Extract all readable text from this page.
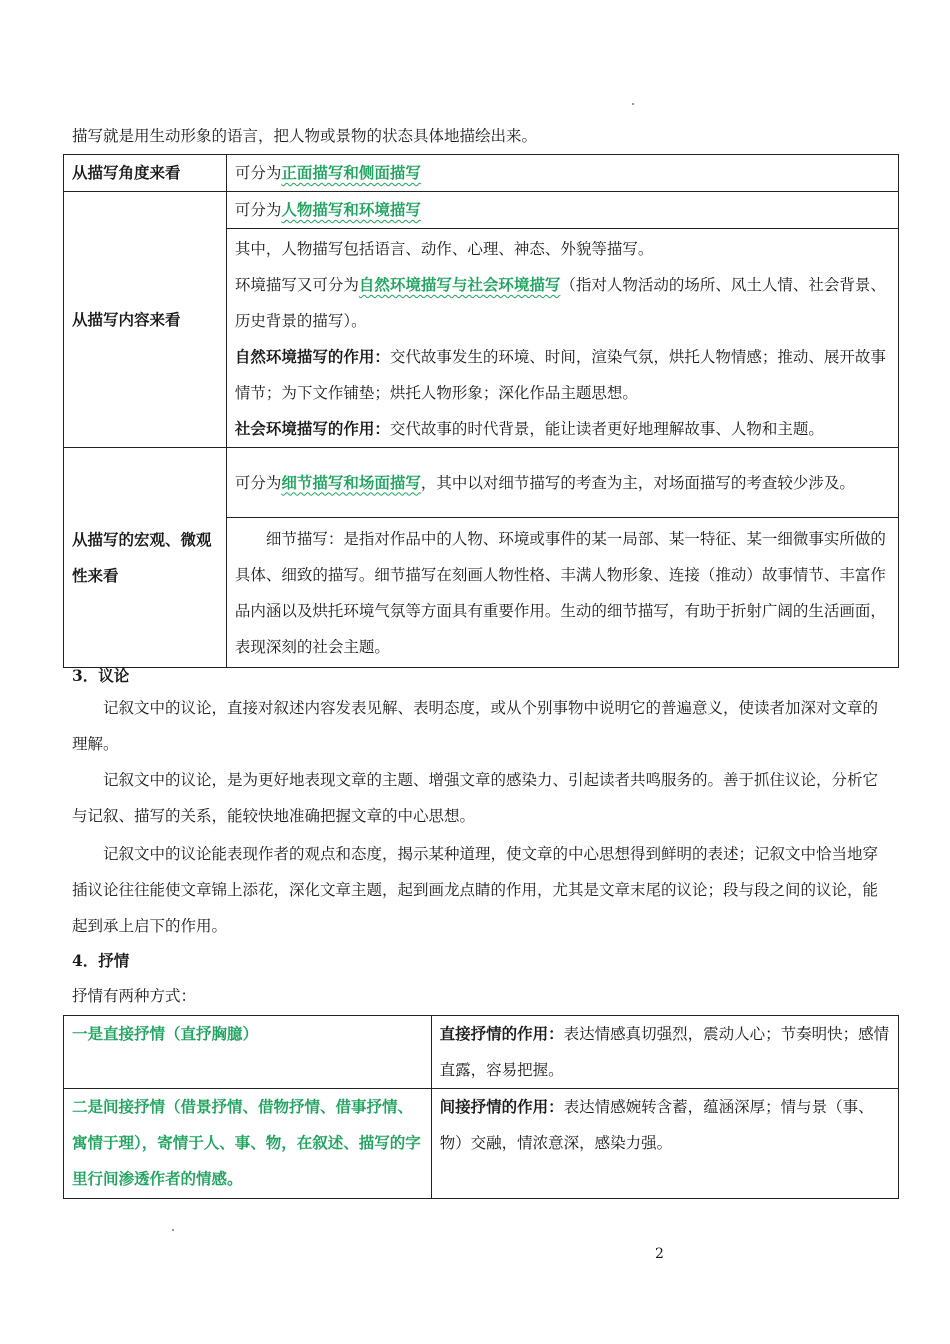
描写就是用生动形象的语言，把人物或景物的状态具体地描绘出来。

从描写角度来看	可分为正面描写和侧面描写
从描写内容来看	可分为人物描写和环境描写

	其中，人物描写包括语言、动作、心理、神态、外貌等描写。
环境描写又可分为自然环境描写与社会环境描写（指对人物活动的场所、风土人情、社会背景、历史背景的描写）。
自然环境描写的作用：交代故事发生的环境、时间，渲染气氛，烘托人物情感；推动、展开故事情节；为下文作铺垫；烘托人物形象；深化作品主题思想。
社会环境描写的作用：交代故事的时代背景，能让读者更好地理解故事、人物和主题。

从描写的宏观、微观性来看	可分为细节描写和场面描写，其中以对细节描写的考查为主，对场面描写的考查较少涉及。

	细节描写：是指对作品中的人物、环境或事件的某一局部、某一特征、某一细微事实所做的具体、细致的描写。细节描写在刻画人物性格、丰满人物形象、连接（推动）故事情节、丰富作品内涵以及烘托环境气氛等方面具有重要作用。生动的细节描写，有助于折射广阔的生活画面，表现深刻的社会主题。

3．议论

记叙文中的议论，直接对叙述内容发表见解、表明态度，或从个别事物中说明它的普遍意义，使读者加深对文章的理解。

记叙文中的议论，是为更好地表现文章的主题、增强文章的感染力、引起读者共鸣服务的。善于抓住议论，分析它与记叙、描写的关系，能较快地准确把握文章的中心思想。

记叙文中的议论能表现作者的观点和态度，揭示某种道理，使文章的中心思想得到鲜明的表述；记叙文中恰当地穿插议论往往能使文章锦上添花，深化文章主题，起到画龙点睛的作用，尤其是文章末尾的议论；段与段之间的议论，能起到承上启下的作用。

4．抒情

抒情有两种方式：

一是直接抒情（直抒胸臆）	直接抒情的作用：表达情感真切强烈，震动人心；节奏明快；感情直露，容易把握。
二是间接抒情（借景抒情、借物抒情、借事抒情、寓情于理），寄情于人、事、物，在叙述、描写的字里行间渗透作者的情感。	间接抒情的作用：表达情感婉转含蓄，蕴涵深厚；情与景（事、物）交融，情浓意深，感染力强。

2
